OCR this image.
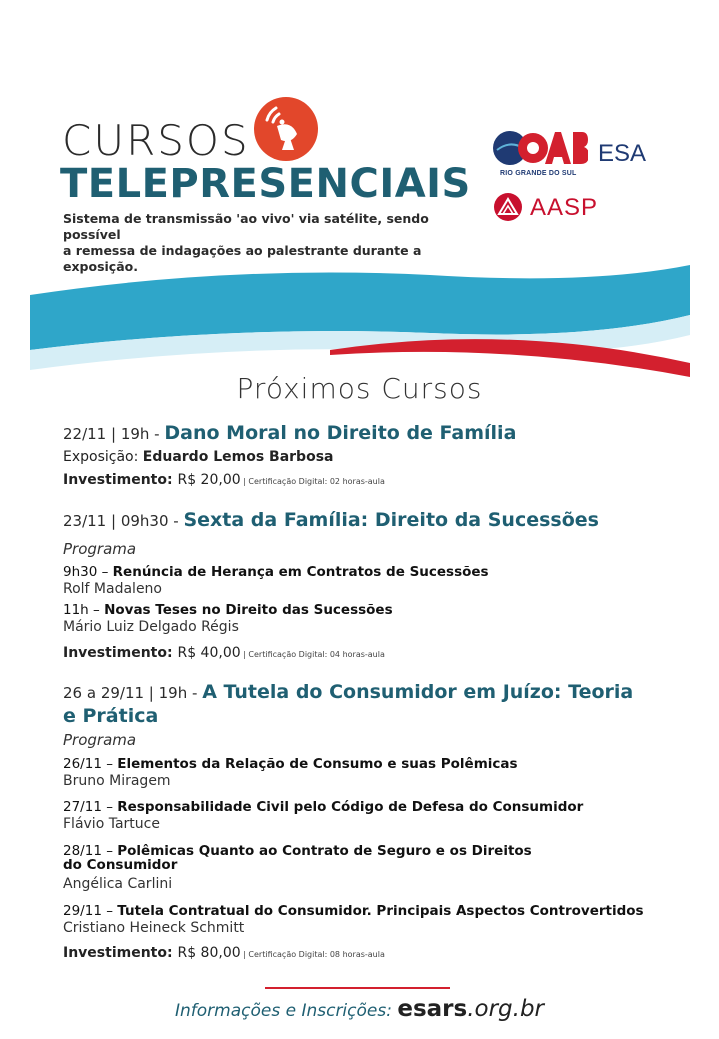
CURSOS
TELEPRESENCIAIS
Sistema de transmissão 'ao vivo' via satélite, sendo possível
a remessa de indagações ao palestrante durante a exposição.
ESA
RIO GRANDE DO SUL
AASP
Próximos Cursos
22/11 | 19h - Dano Moral no Direito de Família
Exposição: Eduardo Lemos Barbosa
Investimento: R$ 20,00 | Certificação Digital: 02 horas-aula
23/11 | 09h30 - Sexta da Família: Direito da Sucessões
Programa
9h30 – Renúncia de Herança em Contratos de Sucessões
Rolf Madaleno
11h – Novas Teses no Direito das Sucessões
Mário Luiz Delgado Régis
Investimento: R$ 40,00 | Certificação Digital: 04 horas-aula
26 a 29/11 | 19h - A Tutela do Consumidor em Juízo: Teoria
e Prática
Programa
26/11 – Elementos da Relação de Consumo e suas Polêmicas
Bruno Miragem
27/11 – Responsabilidade Civil pelo Código de Defesa do Consumidor
Flávio Tartuce
28/11 – Polêmicas Quanto ao Contrato de Seguro e os Direitos
do Consumidor
Angélica Carlini
29/11 – Tutela Contratual do Consumidor. Principais Aspectos Controvertidos
Cristiano Heineck Schmitt
Investimento: R$ 80,00 | Certificação Digital: 08 horas-aula
Informações e Inscrições: esars.org.br
